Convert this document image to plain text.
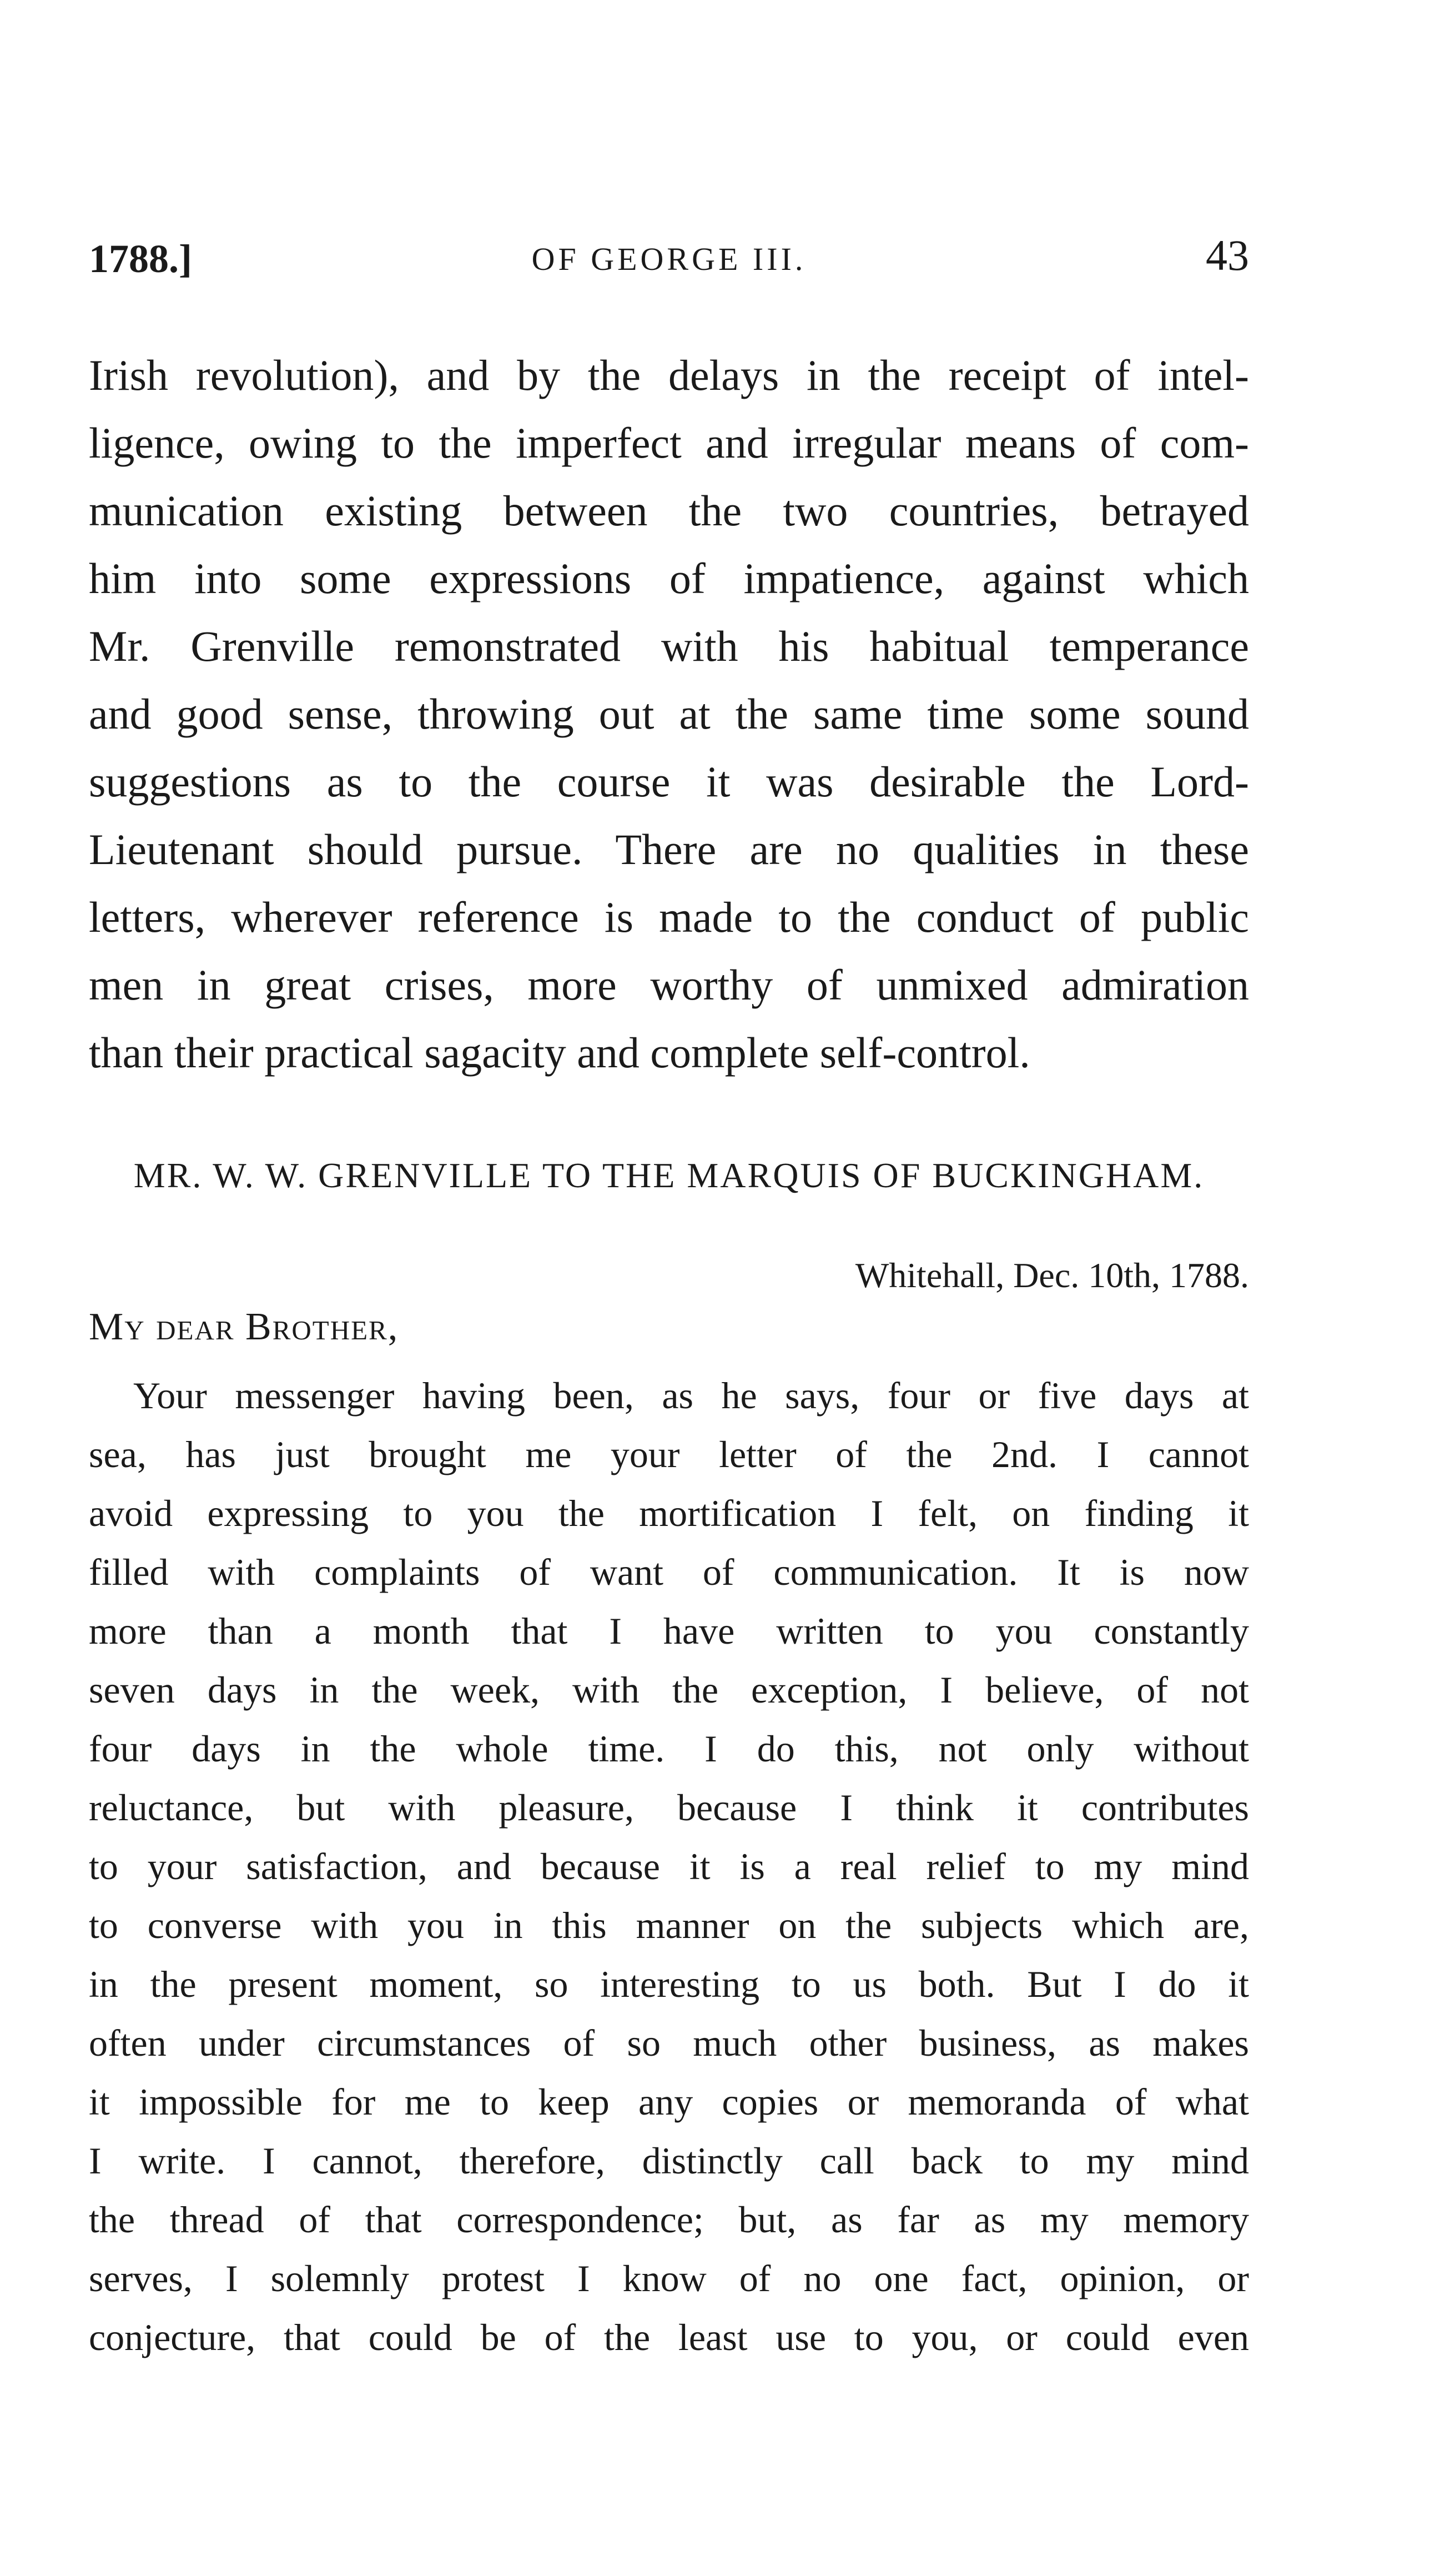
1788.]	OF GEORGE III.	43
Irish revolution), and by the delays in the receipt of intel-
ligence, owing to the imperfect and irregular means of com-
munication existing between the two countries, betrayed
him into some expressions of impatience, against which
Mr. Grenville remonstrated with his habitual temperance
and good sense, throwing out at the same time some sound
suggestions as to the course it was desirable the Lord-
Lieutenant should pursue. There are no qualities in these
letters, wherever reference is made to the conduct of public
men in great crises, more worthy of unmixed admiration
than their practical sagacity and complete self-control.
MR. W. W. GRENVILLE TO THE MARQUIS OF BUCKINGHAM.
Whitehall, Dec. 10th, 1788.
My dear Brother,
Your messenger having been, as he says, four or five days at
sea, has just brought me your letter of the 2nd. I cannot
avoid expressing to you the mortification I felt, on finding it
filled with complaints of want of communication. It is now
more than a month that I have written to you constantly
seven days in the week, with the exception, I believe, of not
four days in the whole time. I do this, not only without
reluctance, but with pleasure, because I think it contributes
to your satisfaction, and because it is a real relief to my mind
to converse with you in this manner on the subjects which are,
in the present moment, so interesting to us both. But I do it
often under circumstances of so much other business, as makes
it impossible for me to keep any copies or memoranda of what
I write. I cannot, therefore, distinctly call back to my mind
the thread of that correspondence; but, as far as my memory
serves, I solemnly protest I know of no one fact, opinion, or
conjecture, that could be of the least use to you, or could even
